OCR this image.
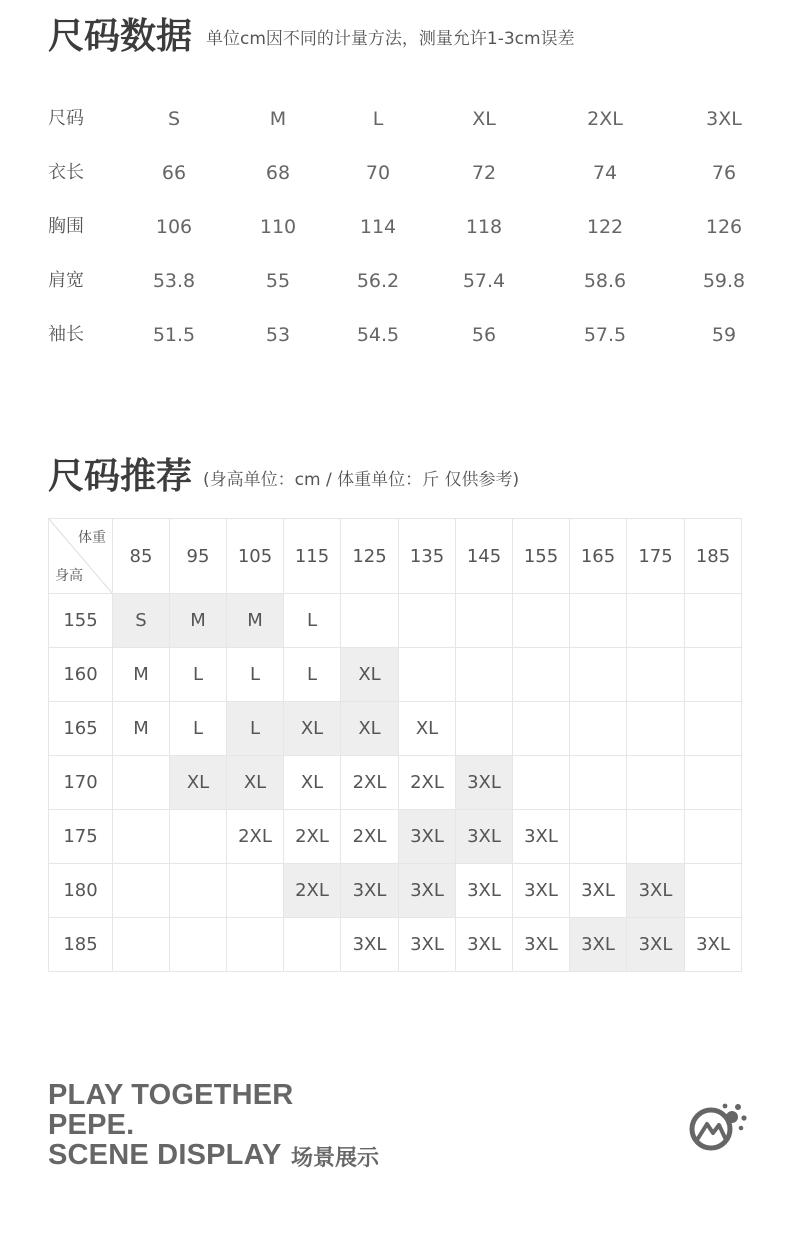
尺码数据 单位cm因不同的计量方法，测量允许1-3cm误差
尺码	S	M	L	XL	2XL	3XL
衣长	66	68	70	72	74	76
胸围	106	110	114	118	122	126
肩宽	53.8	55	56.2	57.4	58.6	59.8
袖长	51.5	53	54.5	56	57.5	59
尺码推荐 (身高单位：cm / 体重单位：斤 仅供参考)
体重
身高	85	95	105	115	125	135	145	155	165	175	185
155	S	M	M	L							
160	M	L	L	L	XL						
165	M	L	L	XL	XL	XL					
170		XL	XL	XL	2XL	2XL	3XL				
175			2XL	2XL	2XL	3XL	3XL	3XL			
180				2XL	3XL	3XL	3XL	3XL	3XL	3XL	
185					3XL	3XL	3XL	3XL	3XL	3XL	3XL
PLAY TOGETHER
PEPE.
SCENE DISPLAY 场景展示
